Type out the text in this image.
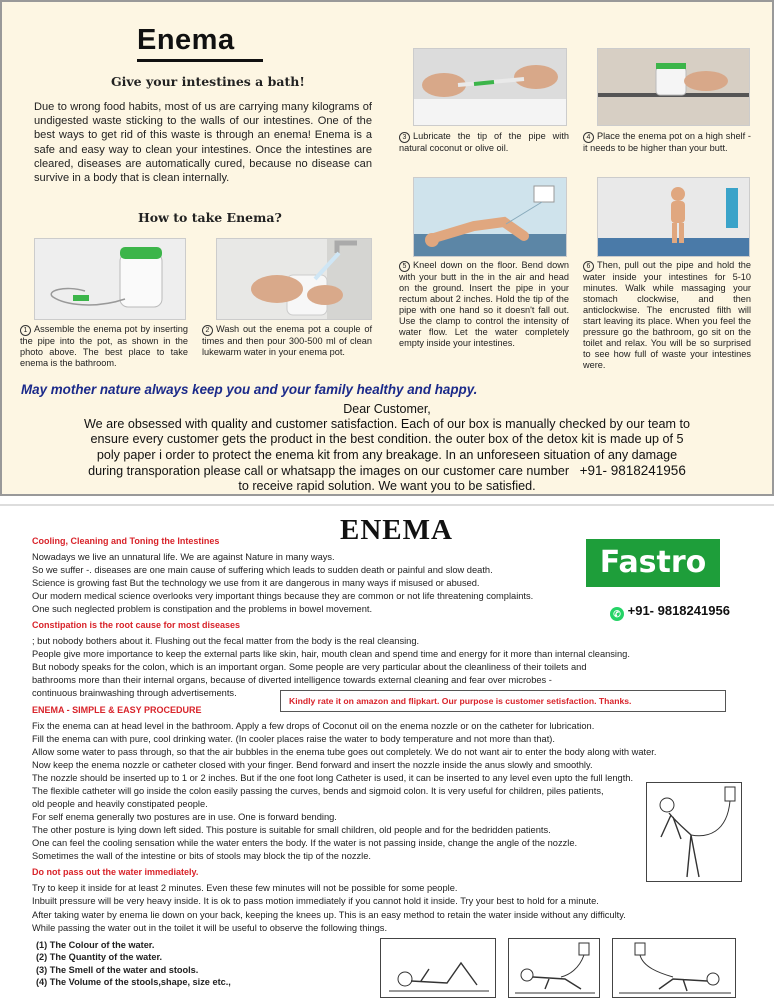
Enema
Give your intestines a bath!
Due to wrong food habits, most of us are carrying many kilograms of undigested waste sticking to the walls of our intestines. One of the best ways to get rid of this waste is through an enema! Enema is a safe and easy way to clean your intestines. Once the intestines are cleared, diseases are automatically cured, because no disease can survive in a body that is clean internally.
How to take Enema?
1 Assemble the enema pot by inserting the pipe into the pot, as shown in the photo above. The best place to take enema is the bathroom.
2 Wash out the enema pot a couple of times and then pour 300-500 ml of clean lukewarm water in your enema pot.
3 Lubricate the tip of the pipe with natural coconut or olive oil.
4 Place the enema pot on a high shelf - it needs to be higher than your butt.
5 Kneel down on the floor. Bend down with your butt in the in the air and head on the ground. Insert the pipe in your rectum about 2 inches. Hold the tip of the pipe with one hand so it doesn't fall out. Use the clamp to control the intensity of water flow. Let the water completely empty inside your intestines.
6 Then, pull out the pipe and hold the water inside your intestines for 5-10 minutes. Walk while massaging your stomach clockwise, and then anticlockwise. The encrusted filth will start leaving its place. When you feel the pressure go the bathroom, go sit on the toilet and relax. You will be so surprised to see how full of waste your intestines were.
May mother nature always keep you and your family healthy and happy.
Dear Customer,
We are obsessed with quality and customer satisfaction. Each of our box is manually checked by our team to
ensure every customer gets the product in the best condition. the outer box of the detox kit is made up of 5
poly paper i order to protect the enema kit from any breakage. In an unforeseen situation of any damage
during transporation please call or whatsapp the images on our customer care number +91- 9818241956
to receive rapid solution. We want you to be satisfied.
ENEMA
Fastro
✆ +91- 9818241956
Cooling, Cleaning and Toning the Intestines
Nowadays we live an unnatural life. We are against Nature in many ways.
So we suffer -. diseases are one main cause of suffering which leads to sudden death or painful and slow death.
Science is growing fast But the technology we use from it are dangerous in many ways if misused or abused.
Our modern medical science overlooks very important things because they are common or not life threatening complaints.
One such neglected problem is constipation and the problems in bowel movement.
Constipation is the root cause for most diseases
; but nobody bothers about it. Flushing out the fecal matter from the body is the real cleansing.
People give more importance to keep the external parts like skin, hair, mouth clean and spend time and energy for it more than internal cleansing.
But nobody speaks for the colon, which is an important organ. Some people are very particular about the cleanliness of their toilets and
bathrooms more than their internal organs, because of diverted intelligence towards external cleaning and fear over microbes -
continuous brainwashing through advertisements.
Kindly rate it on amazon and flipkart. Our purpose is customer setisfaction. Thanks.
ENEMA - SIMPLE & EASY PROCEDURE
Fix the enema can at head level in the bathroom. Apply a few drops of Coconut oil on the enema nozzle or on the catheter for lubrication.
Fill the enema can with pure, cool drinking water. (In cooler places raise the water to body temperature and not more than that).
Allow some water to pass through, so that the air bubbles in the enema tube goes out completely. We do not want air to enter the body along with water.
Now keep the enema nozzle or catheter closed with your finger. Bend forward and insert the nozzle inside the anus slowly and smoothly.
The nozzle should be inserted up to 1 or 2 inches. But if the one foot long Catheter is used, it can be inserted to any level even upto the full length.
The flexible catheter will go inside the colon easily passing the curves, bends and sigmoid colon. It is very useful for children, piles patients,
old people and heavily constipated people.
For self enema generally two postures are in use. One is forward bending.
The other posture is lying down left sided. This posture is suitable for small children, old people and for the bedridden patients.
One can feel the cooling sensation while the water enters the body. If the water is not passing inside, change the angle of the nozzle.
Sometimes the wall of the intestine or bits of stools may block the tip of the nozzle.
Do not pass out the water immediately.
Try to keep it inside for at least 2 minutes. Even these few minutes will not be possible for some people.
Inbuilt pressure will be very heavy inside. It is ok to pass motion immediately if you cannot hold it inside. Try your best to hold for a minute.
After taking water by enema lie down on your back, keeping the knees up. This is an easy method to retain the water inside without any difficulty.
While passing the water out in the toilet it will be useful to observe the following things.
(1) The Colour of the water.
(2) The Quantity of the water.
(3) The Smell of the water and stools.
(4) The Volume of the stools,shape, size etc.,
